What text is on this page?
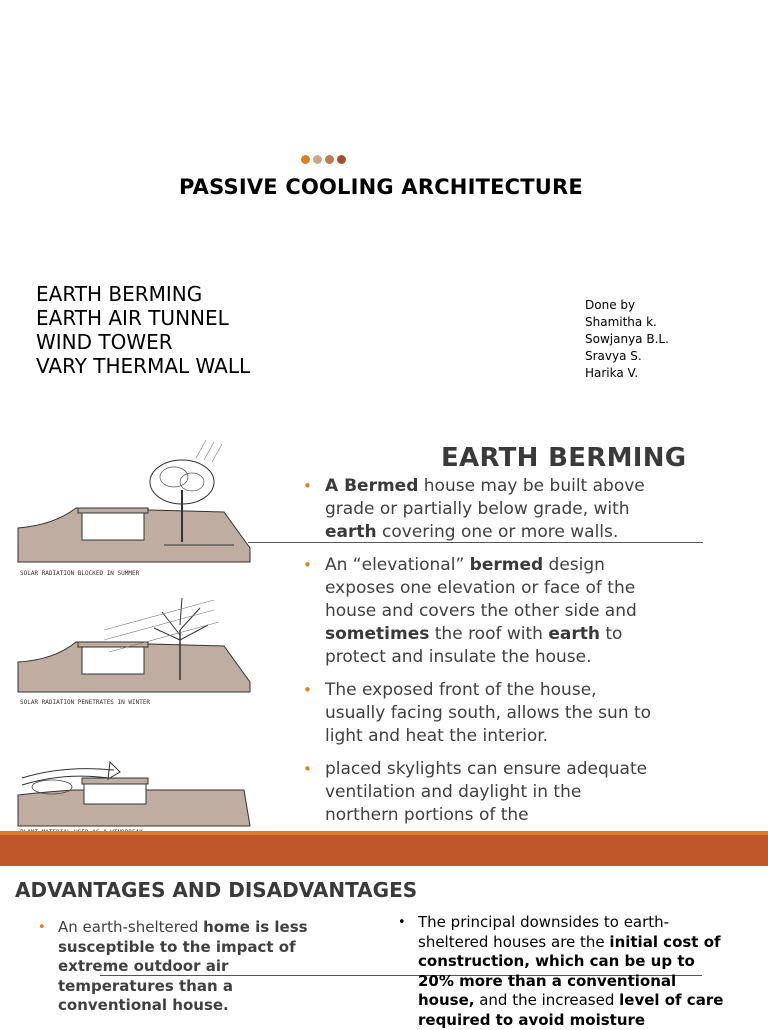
PASSIVE COOLING ARCHITECTURE
EARTH BERMING
EARTH AIR TUNNEL
WIND TOWER
VARY THERMAL WALL
Done by
Shamitha k.
Sowjanya B.L.
Sravya S.
Harika V.
EARTH BERMING
SOLAR RADIATION BLOCKED IN SUMMER
SOLAR RADIATION PENETRATES IN WINTER
• A Bermed house may be built above grade or partially below grade, with earth covering one or more walls.
• An “elevational” bermed design exposes one elevation or face of the house and covers the other side and sometimes the roof with earth to protect and insulate the house.
• The exposed front of the house, usually facing south, allows the sun to light and heat the interior.
• placed skylights can ensure adequate ventilation and daylight in the northern portions of the
ADVANTAGES AND DISADVANTAGES
• An earth-sheltered home is less susceptible to the impact of extreme outdoor air temperatures than a conventional house.
• The principal downsides to earth-sheltered houses are the initial cost of construction, which can be up to 20% more than a conventional house, and the increased level of care required to avoid moisture
